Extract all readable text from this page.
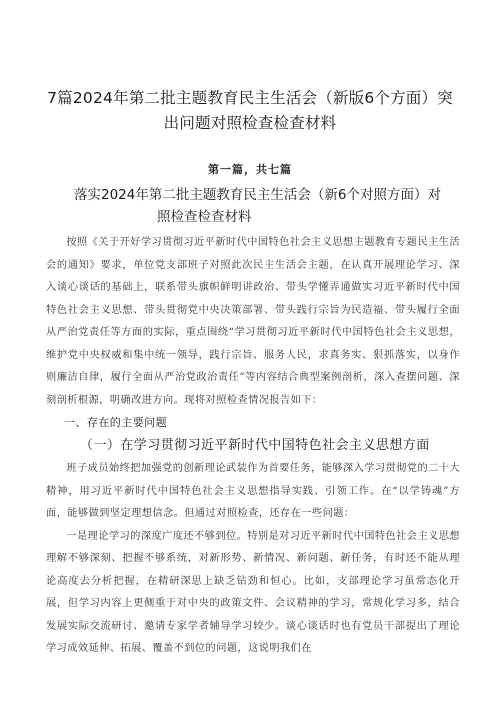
7篇2024年第二批主题教育民主生活会（新版6个方面）突出问题对照检查检查材料
第一篇，共七篇
落实2024年第二批主题教育民主生活会（新6个对照方面）对
照检查检查材料

按照《关于开好学习贯彻习近平新时代中国特色社会主义思想主题教育专题民主生活会的通知》要求，单位党支部班子对照此次民主生活会主题，在认真开展理论学习、深入谈心谈话的基础上，联系带头旗帜鲜明讲政治、带头学懂弄通做实习近平新时代中国特色社会主义思想、带头贯彻党中央决策部署、带头践行宗旨为民造福、带头履行全面从严治党责任等方面的实际，重点围绕“学习贯彻习近平新时代中国特色社会主义思想，维护党中央权威和集中统一领导，践行宗旨、服务人民，求真务实、狠抓落实，以身作则廉洁自律，履行全面从严治党政治责任”等内容结合典型案例剖析，深入查摆问题、深刻剖析根源，明确改进方向。现将对照检查情况报告如下：

一、存在的主要问题

（一）在学习贯彻习近平新时代中国特色社会主义思想方面

班子成员始终把加强党的创新理论武装作为首要任务，能够深入学习贯彻党的二十大精神，用习近平新时代中国特色社会主义思想指导实践、引领工作。在“以学铸魂”方面，能够做到坚定理想信念。但通过对照检查，还存在一些问题：

一是理论学习的深度广度还不够到位。特别是对习近平新时代中国特色社会主义思想理解不够深刻、把握不够系统，对新形势、新情况、新问题、新任务，有时还不能从理论高度去分析把握，在精研深思上缺乏钻劲和恒心。比如，支部理论学习虽常态化开展，但学习内容上更侧重于对中央的政策文件、会议精神的学习，常规化学习多，结合发展实际交流研讨、邀请专家学者辅导学习较少。谈心谈话时也有党员干部提出了理论学习成效延伸、拓展、覆盖不到位的问题，这说明我们在
